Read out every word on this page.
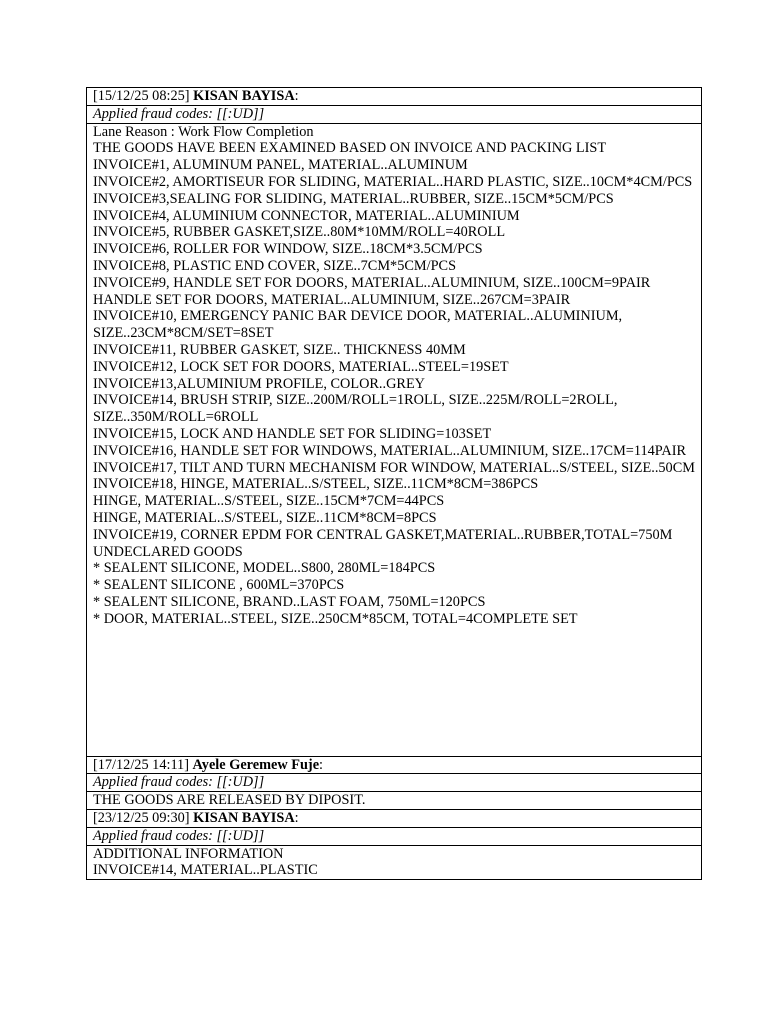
[15/12/25 08:25] KISAN BAYISA:
Applied fraud codes: [[:UD]]

Lane Reason : Work Flow Completion
THE GOODS HAVE BEEN EXAMINED BASED ON INVOICE AND PACKING LIST
INVOICE#1, ALUMINUM PANEL, MATERIAL..ALUMINUM
INVOICE#2, AMORTISEUR FOR SLIDING, MATERIAL..HARD PLASTIC, SIZE..10CM*4CM/PCS
INVOICE#3,SEALING FOR SLIDING, MATERIAL..RUBBER, SIZE..15CM*5CM/PCS
INVOICE#4, ALUMINIUM CONNECTOR, MATERIAL..ALUMINIUM
INVOICE#5, RUBBER GASKET,SIZE..80M*10MM/ROLL=40ROLL
INVOICE#6, ROLLER FOR WINDOW, SIZE..18CM*3.5CM/PCS
INVOICE#8, PLASTIC END COVER, SIZE..7CM*5CM/PCS
INVOICE#9, HANDLE SET FOR DOORS, MATERIAL..ALUMINIUM, SIZE..100CM=9PAIR
HANDLE SET FOR DOORS, MATERIAL..ALUMINIUM, SIZE..267CM=3PAIR
INVOICE#10, EMERGENCY PANIC BAR DEVICE DOOR, MATERIAL..ALUMINIUM, SIZE..23CM*8CM/SET=8SET
INVOICE#11, RUBBER GASKET, SIZE.. THICKNESS 40MM
INVOICE#12, LOCK SET FOR DOORS, MATERIAL..STEEL=19SET
INVOICE#13,ALUMINIUM PROFILE, COLOR..GREY
INVOICE#14, BRUSH STRIP, SIZE..200M/ROLL=1ROLL, SIZE..225M/ROLL=2ROLL, SIZE..350M/ROLL=6ROLL
INVOICE#15, LOCK AND HANDLE SET FOR SLIDING=103SET
INVOICE#16, HANDLE SET FOR WINDOWS, MATERIAL..ALUMINIUM, SIZE..17CM=114PAIR
INVOICE#17, TILT AND TURN MECHANISM FOR WINDOW, MATERIAL..S/STEEL, SIZE..50CM
INVOICE#18, HINGE, MATERIAL..S/STEEL, SIZE..11CM*8CM=386PCS
HINGE, MATERIAL..S/STEEL, SIZE..15CM*7CM=44PCS
HINGE, MATERIAL..S/STEEL, SIZE..11CM*8CM=8PCS
INVOICE#19, CORNER EPDM FOR CENTRAL GASKET,MATERIAL..RUBBER,TOTAL=750M
UNDECLARED GOODS
* SEALENT SILICONE, MODEL..S800, 280ML=184PCS
* SEALENT SILICONE , 600ML=370PCS
* SEALENT SILICONE, BRAND..LAST FOAM, 750ML=120PCS
* DOOR, MATERIAL..STEEL, SIZE..250CM*85CM, TOTAL=4COMPLETE SET

[17/12/25 14:11] Ayele Geremew Fuje:
Applied fraud codes: [[:UD]]

THE GOODS ARE RELEASED BY DIPOSIT.

[23/12/25 09:30] KISAN BAYISA:
Applied fraud codes: [[:UD]]

ADDITIONAL INFORMATION
INVOICE#14, MATERIAL..PLASTIC
